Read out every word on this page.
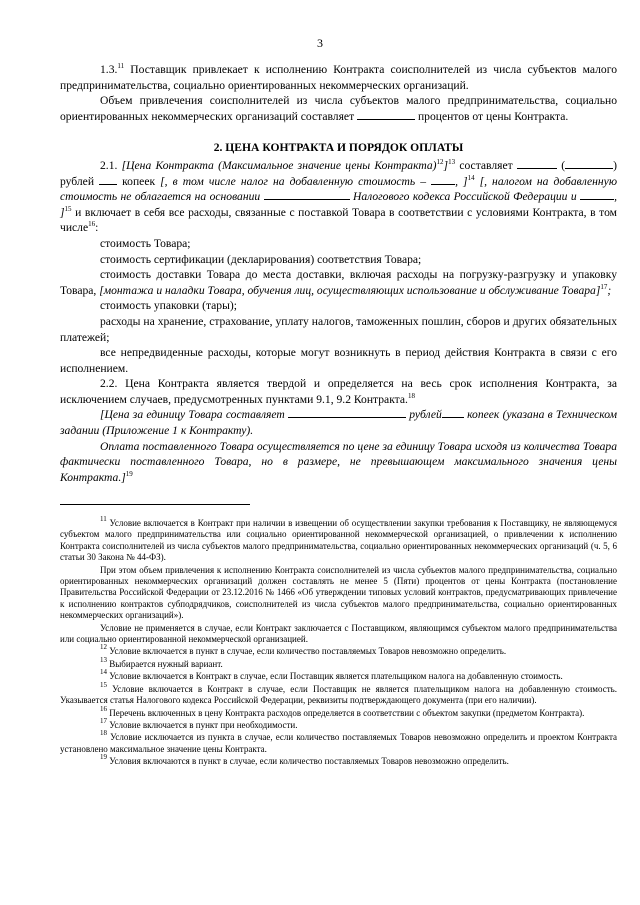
3

1.3.11 Поставщик привлекает к исполнению Контракта соисполнителей из числа субъектов малого предпринимательства, социально ориентированных некоммерческих организаций.

Объем привлечения соисполнителей из числа субъектов малого предпринимательства, социально ориентированных некоммерческих организаций составляет	процентов от цены Контракта.

2. ЦЕНА КОНТРАКТА И ПОРЯДОК ОПЛАТЫ

2.1. [Цена Контракта (Максимальное значение цены Контракта)$^{12}$]$^{13}$ составляет	(	) рублей  копеек [, в том числе налог на добавленную стоимость – , ]$^{14}$ [, налогом на добавленную стоимость не облагается на основании	Налогового кодекса Российской Федерации и	, ]$^{15}$ и включает в себя все расходы, связанные с поставкой Товара в соответствии с условиями Контракта, в том числе$^{16}$:

стоимость Товара;

стоимость сертификации (декларирования) соответствия Товара;

стоимость доставки Товара до места доставки, включая расходы на погрузку-разгрузку и упаковку Товара, [монтажа и наладки Товара, обучения лиц, осуществляющих использование и обслуживание Товара]$^{17}$;

стоимость упаковки (тары);

расходы на хранение, страхование, уплату налогов, таможенных пошлин, сборов и других обязательных платежей;

все непредвиденные расходы, которые могут возникнуть в период действия Контракта в связи с его исполнением.

2.2. Цена Контракта является твердой и определяется на весь срок исполнения Контракта, за исключением случаев, предусмотренных пунктами 9.1, 9.2 Контракта.$^{18}$

[Цена за единицу Товара составляет	рублей копеек (указана в Техническом задании (Приложение 1 к Контракту).

Оплата поставленного Товара осуществляется по цене за единицу Товара исходя из количества Товара фактически поставленного Товара, но в размере, не превышающем максимального значения цены Контракта.]$^{19}$

$^{11}$ Условие включается в Контракт при наличии в извещении об осуществлении закупки требования к Поставщику, не являющемуся субъектом малого предпринимательства или социально ориентированной некоммерческой организацией, о привлечении к исполнению Контракта соисполнителей из числа субъектов малого предпринимательства, социально ориентированных некоммерческих организаций (ч. 5, 6 статьи 30 Закона № 44-ФЗ).

При этом объем привлечения к исполнению Контракта соисполнителей из числа субъектов малого предпринимательства, социально ориентированных некоммерческих организаций должен составлять не менее 5 (Пяти) процентов от цены Контракта (постановление Правительства Российской Федерации от 23.12.2016 № 1466 «Об утверждении типовых условий контрактов, предусматривающих привлечение к исполнению контрактов субподрядчиков, соисполнителей из числа субъектов малого предпринимательства, социально ориентированных некоммерческих организаций»).

Условие не применяется в случае, если Контракт заключается с Поставщиком, являющимся субъектом малого предпринимательства или социально ориентированной некоммерческой организацией.

$^{12}$ Условие включается в пункт в случае, если количество поставляемых Товаров невозможно определить.

$^{13}$ Выбирается нужный вариант.

$^{14}$ Условие включается в Контракт в случае, если Поставщик является плательщиком налога на добавленную стоимость.

$^{15}$ Условие включается в Контракт в случае, если Поставщик не является плательщиком налога на добавленную стоимость. Указывается статья Налогового кодекса Российской Федерации, реквизиты подтверждающего документа (при его наличии).

$^{16}$ Перечень включенных в цену Контракта расходов определяется в соответствии с объектом закупки (предметом Контракта).

$^{17}$ Условие включается в пункт при необходимости.

$^{18}$ Условие исключается из пункта в случае, если количество поставляемых Товаров невозможно определить и проектом Контракта установлено максимальное значение цены Контракта.

$^{19}$ Условия включаются в пункт в случае, если количество поставляемых Товаров невозможно определить.
